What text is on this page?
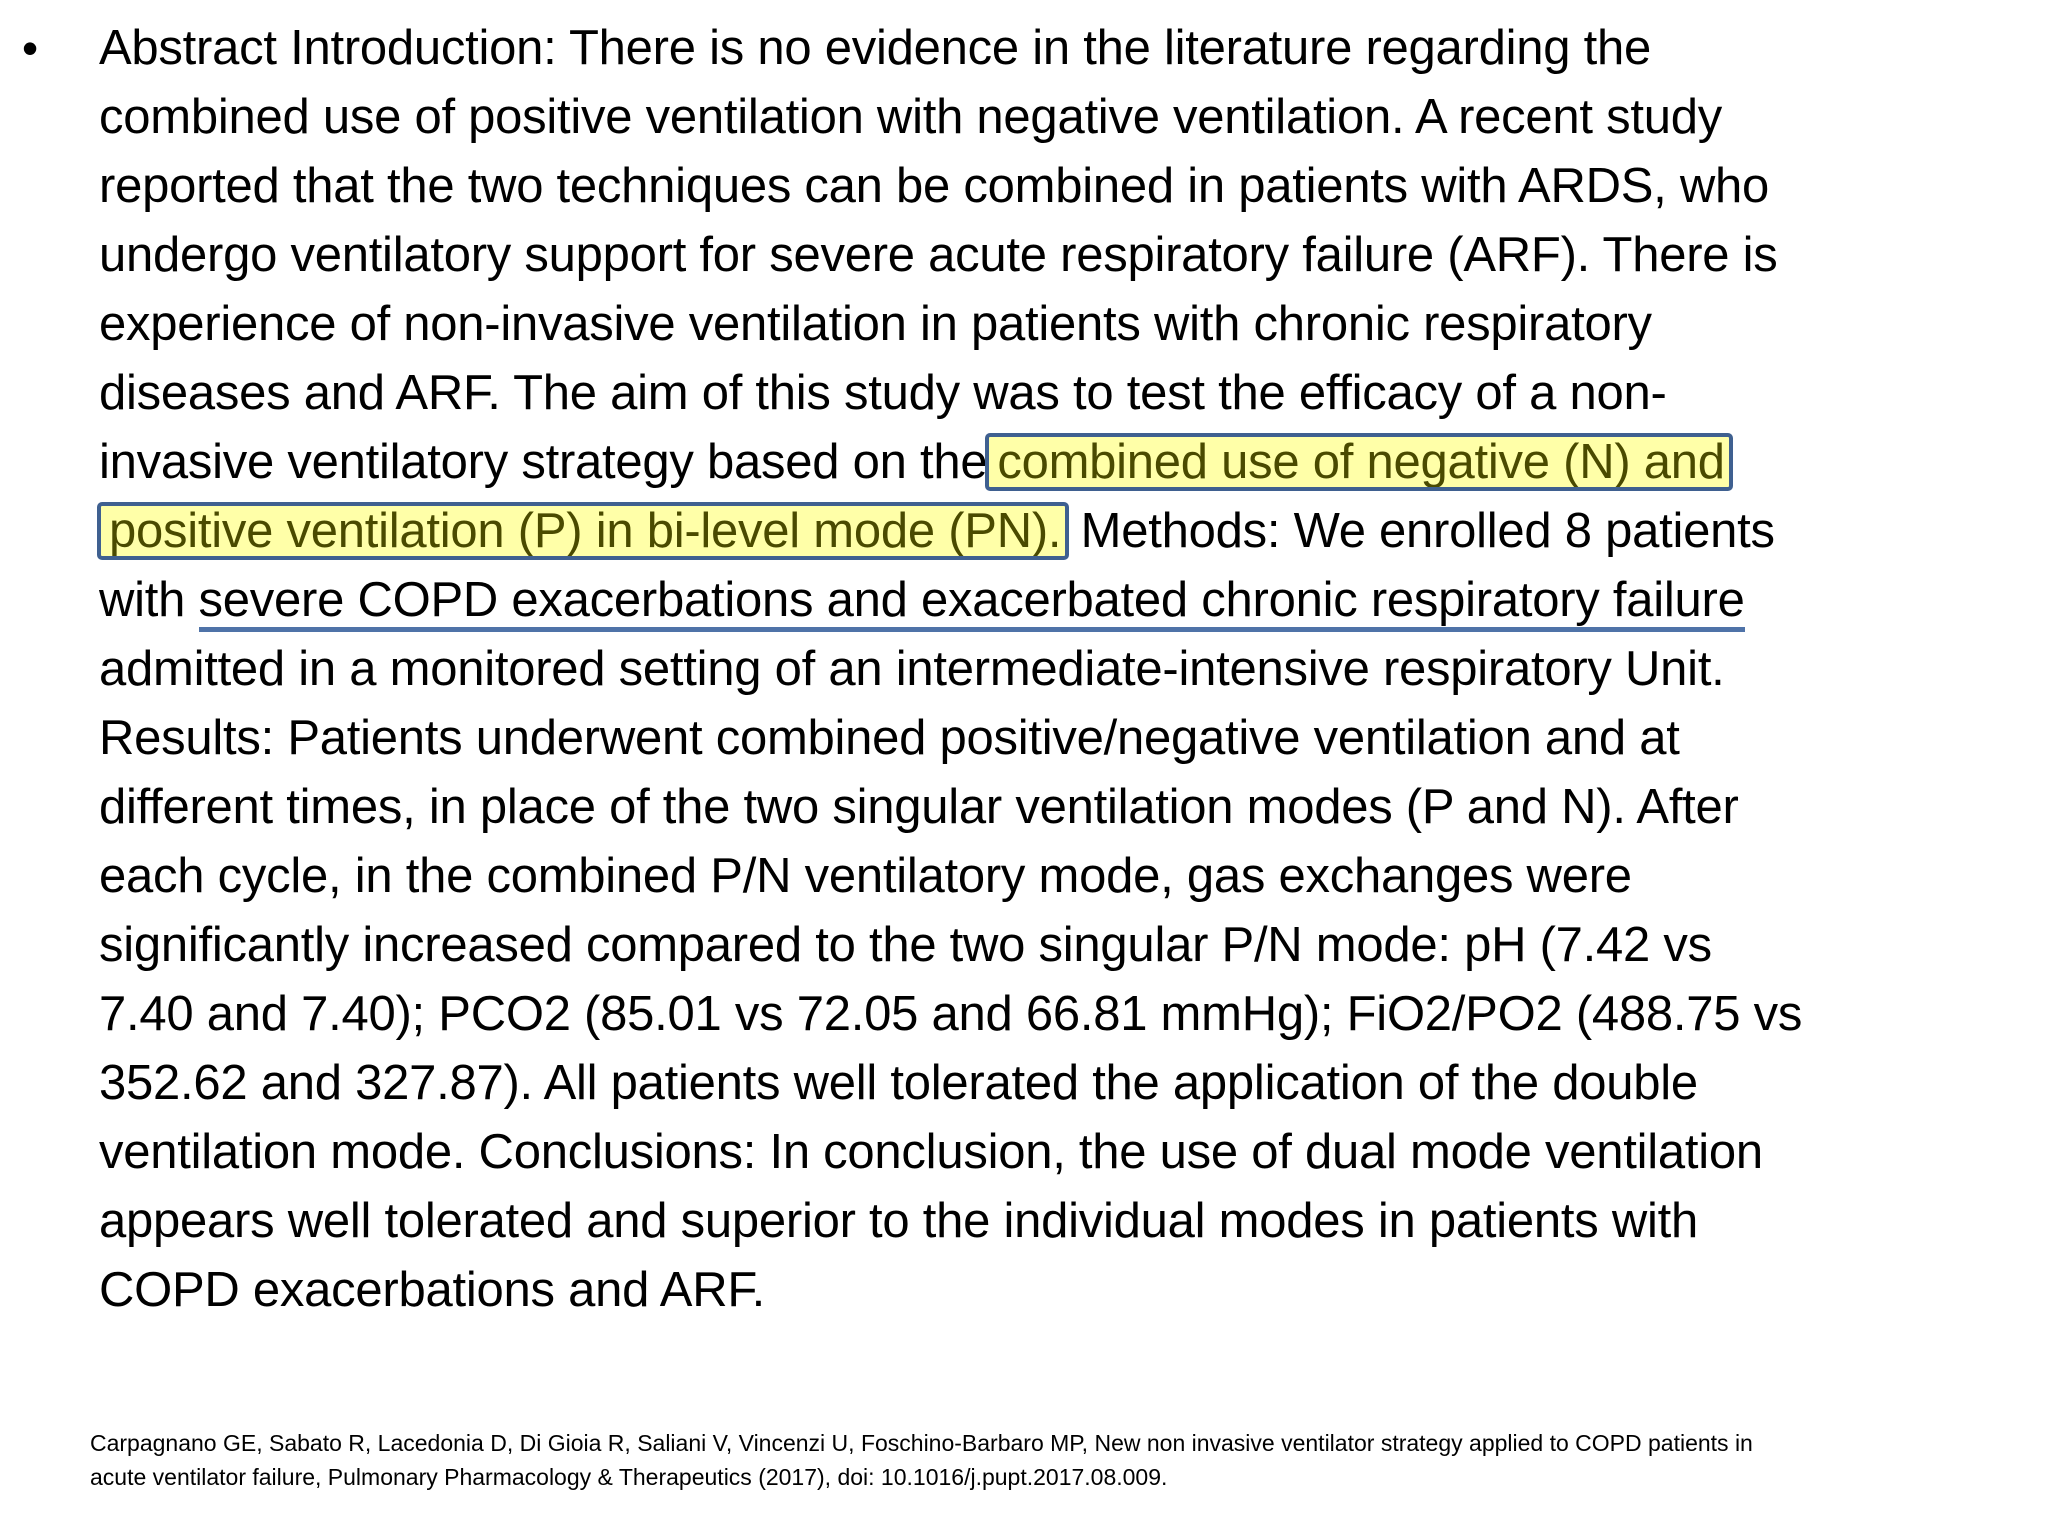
• Abstract Introduction: There is no evidence in the literature regarding the
combined use of positive ventilation with negative ventilation. A recent study
reported that the two techniques can be combined in patients with ARDS, who
undergo ventilatory support for severe acute respiratory failure (ARF). There is
experience of non-invasive ventilation in patients with chronic respiratory
diseases and ARF. The aim of this study was to test the efficacy of a non-
invasive ventilatory strategy based on the combined use of negative (N) and
positive ventilation (P) in bi-level mode (PN). Methods: We enrolled 8 patients
with severe COPD exacerbations and exacerbated chronic respiratory failure
admitted in a monitored setting of an intermediate-intensive respiratory Unit.
Results: Patients underwent combined positive/negative ventilation and at
different times, in place of the two singular ventilation modes (P and N). After
each cycle, in the combined P/N ventilatory mode, gas exchanges were
significantly increased compared to the two singular P/N mode: pH (7.42 vs
7.40 and 7.40); PCO2 (85.01 vs 72.05 and 66.81 mmHg); FiO2/PO2 (488.75 vs
352.62 and 327.87). All patients well tolerated the application of the double
ventilation mode. Conclusions: In conclusion, the use of dual mode ventilation
appears well tolerated and superior to the individual modes in patients with
COPD exacerbations and ARF.
Carpagnano GE, Sabato R, Lacedonia D, Di Gioia R, Saliani V, Vincenzi U, Foschino-Barbaro MP, New non invasive ventilator strategy applied to COPD patients in
acute ventilator failure, Pulmonary Pharmacology & Therapeutics (2017), doi: 10.1016/j.pupt.2017.08.009.
